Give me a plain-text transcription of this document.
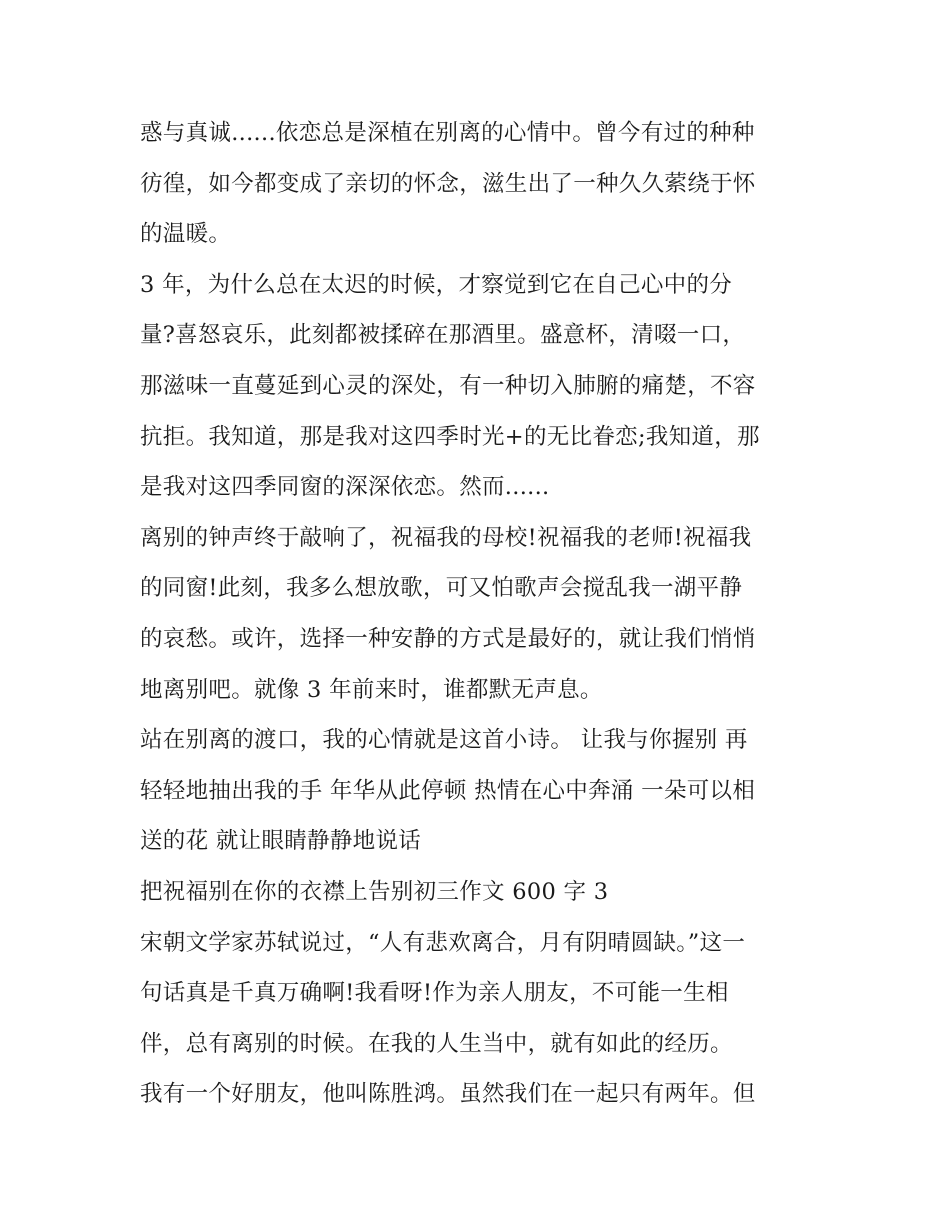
惑与真诚......依恋总是深植在别离的心情中。曾今有过的种种
彷徨，如今都变成了亲切的怀念，滋生出了一种久久萦绕于怀
的温暖。
3 年，为什么总在太迟的时候，才察觉到它在自己心中的分
量?喜怒哀乐，此刻都被揉碎在那酒里。盛意杯，清啜一口，
那滋味一直蔓延到心灵的深处，有一种切入肺腑的痛楚，不容
抗拒。我知道，那是我对这四季时光+的无比眷恋;我知道，那
是我对这四季同窗的深深依恋。然而......
离别的钟声终于敲响了，祝福我的母校!祝福我的老师!祝福我
的同窗!此刻，我多么想放歌，可又怕歌声会搅乱我一湖平静
的哀愁。或许，选择一种安静的方式是最好的，就让我们悄悄
地离别吧。就像 3 年前来时，谁都默无声息。
站在别离的渡口，我的心情就是这首小诗。 让我与你握别 再
轻轻地抽出我的手 年华从此停顿 热情在心中奔涌 一朵可以相
送的花 就让眼睛静静地说话
把祝福别在你的衣襟上告别初三作文 600 字 3
宋朝文学家苏轼说过，“人有悲欢离合，月有阴晴圆缺。”这一
句话真是千真万确啊!我看呀!作为亲人朋友，不可能一生相
伴，总有离别的时候。在我的人生当中，就有如此的经历。
我有一个好朋友，他叫陈胜鸿。虽然我们在一起只有两年。但
